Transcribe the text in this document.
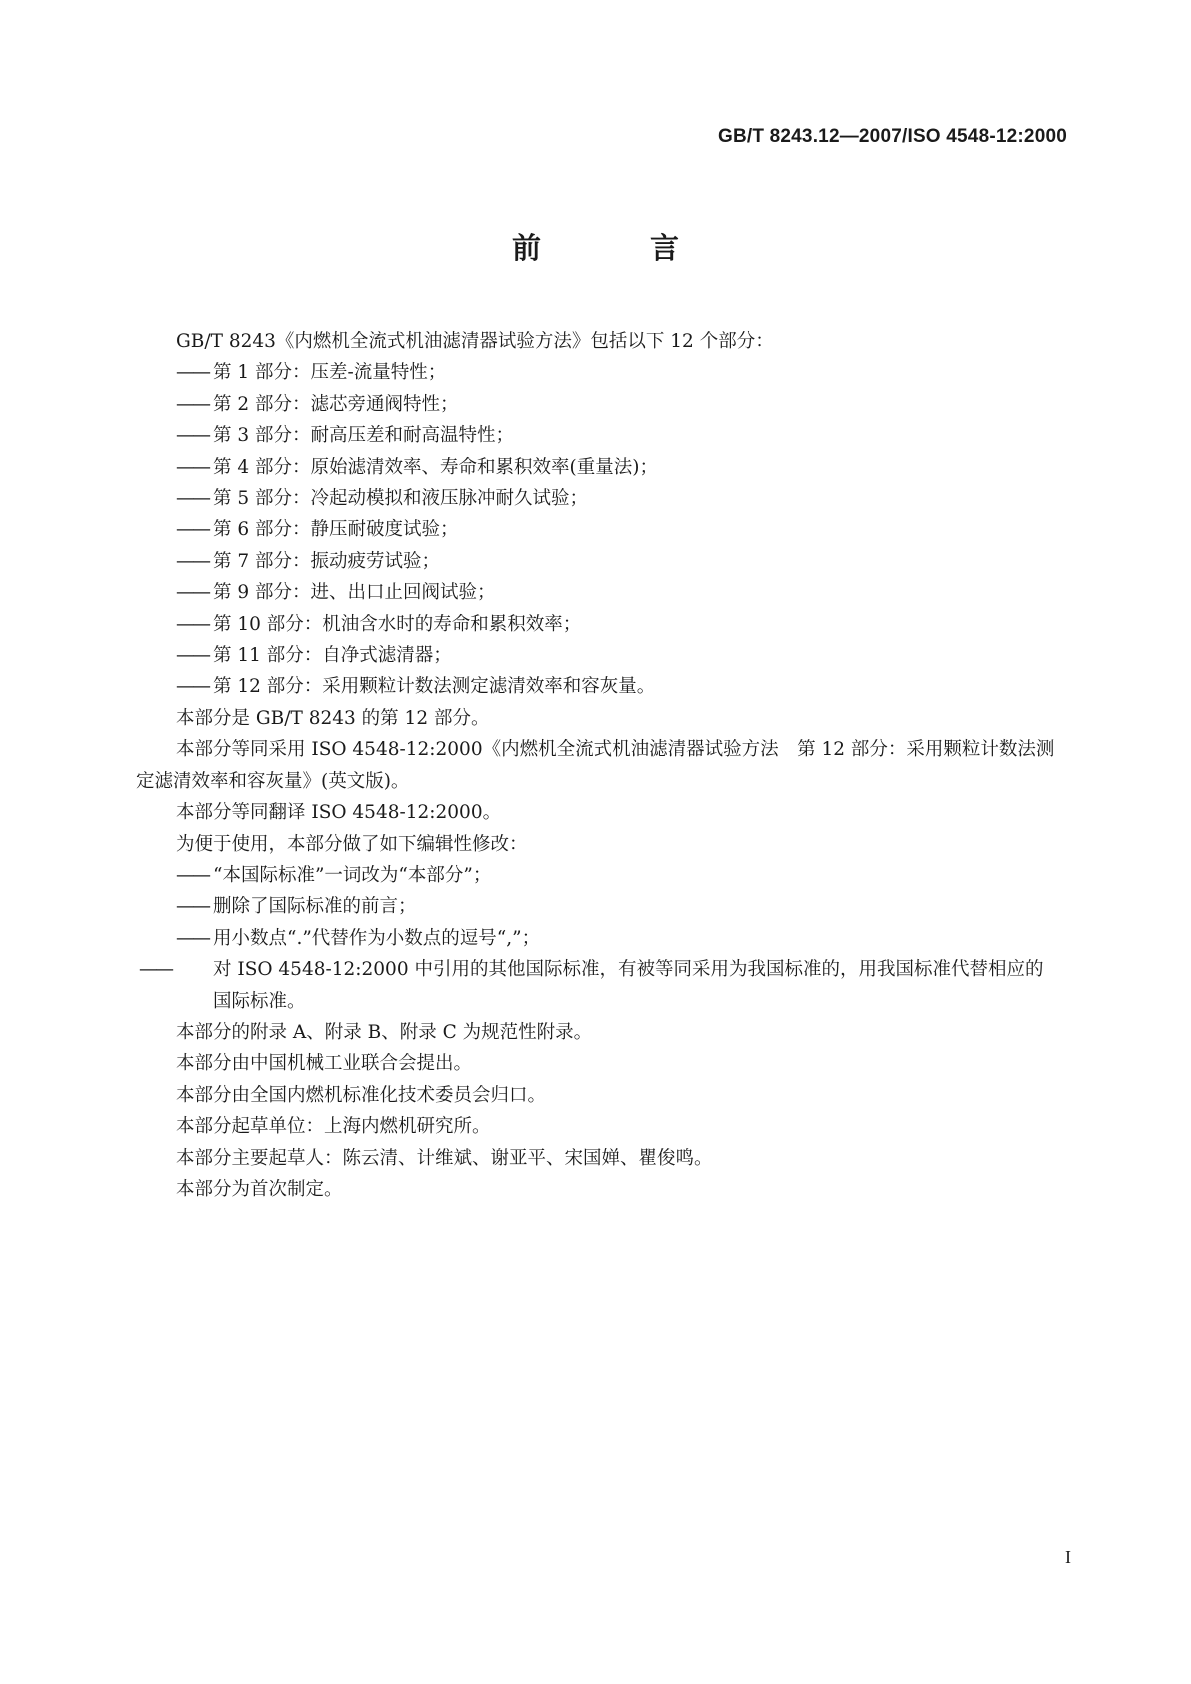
GB/T 8243.12—2007/ISO 4548-12:2000
前　言

GB/T 8243《内燃机全流式机油滤清器试验方法》包括以下 12 个部分：

—— 第 1 部分：压差-流量特性；

—— 第 2 部分：滤芯旁通阀特性；

—— 第 3 部分：耐高压差和耐高温特性；

—— 第 4 部分：原始滤清效率、寿命和累积效率(重量法)；

—— 第 5 部分：冷起动模拟和液压脉冲耐久试验；

—— 第 6 部分：静压耐破度试验；

—— 第 7 部分：振动疲劳试验；

—— 第 9 部分：进、出口止回阀试验；

—— 第 10 部分：机油含水时的寿命和累积效率；

—— 第 11 部分：自净式滤清器；

—— 第 12 部分：采用颗粒计数法测定滤清效率和容灰量。

本部分是 GB/T 8243 的第 12 部分。

本部分等同采用 ISO 4548-12:2000《内燃机全流式机油滤清器试验方法　第 12 部分：采用颗粒计数法测定滤清效率和容灰量》(英文版)。

本部分等同翻译 ISO 4548-12:2000。

为便于使用，本部分做了如下编辑性修改：

—— “本国际标准”一词改为“本部分”；

—— 删除了国际标准的前言；

—— 用小数点“.”代替作为小数点的逗号“,”；

—— 对 ISO 4548-12:2000 中引用的其他国际标准，有被等同采用为我国标准的，用我国标准代替相应的国际标准。

本部分的附录 A、附录 B、附录 C 为规范性附录。

本部分由中国机械工业联合会提出。

本部分由全国内燃机标准化技术委员会归口。

本部分起草单位：上海内燃机研究所。

本部分主要起草人：陈云清、计维斌、谢亚平、宋国婵、瞿俊鸣。

本部分为首次制定。

I
